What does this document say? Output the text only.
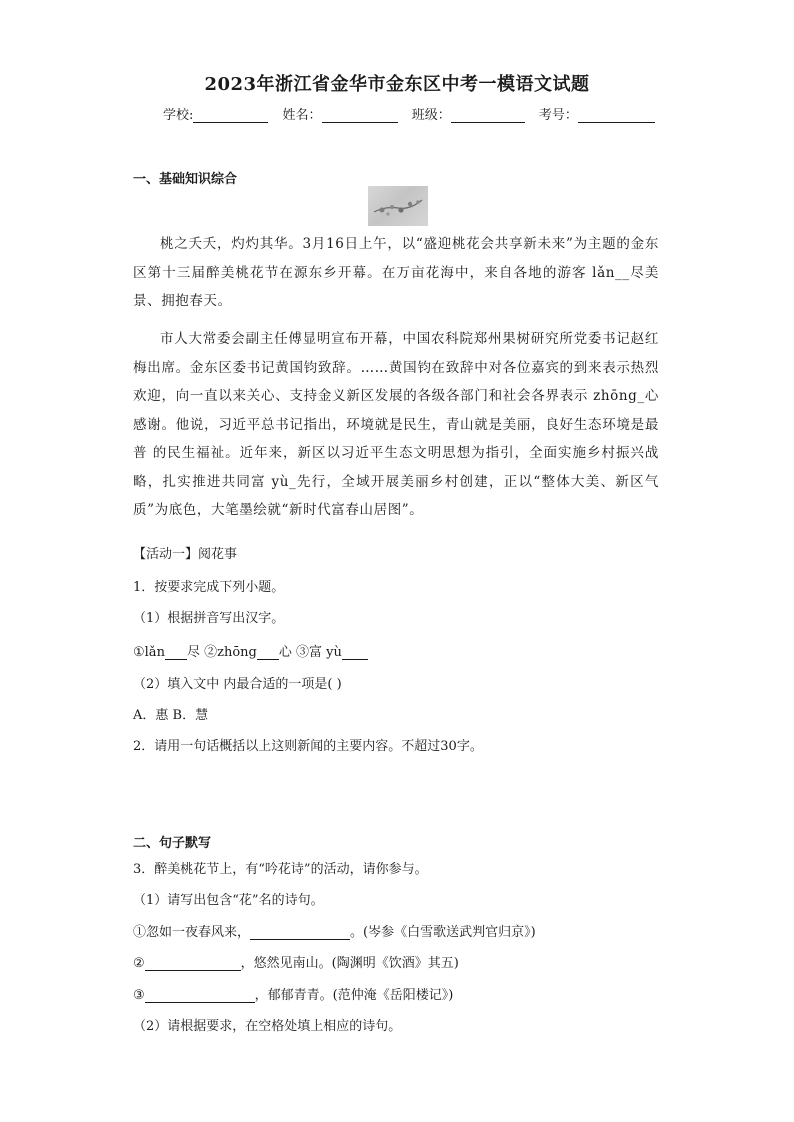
2023年浙江省金华市金东区中考一模语文试题
学校:	姓名：	班级：	考号：
一、基础知识综合
桃之夭夭，灼灼其华。3月16日上午，以“盛迎桃花会共享新未来”为主题的金东区第十三届醉美桃花节在源东乡开幕。在万亩花海中，来自各地的游客 lǎn__尽美景、拥抱春天。
市人大常委会副主任傅显明宣布开幕，中国农科院郑州果树研究所党委书记赵红梅出席。金东区委书记黄国钧致辞。……黄国钧在致辞中对各位嘉宾的到来表示热烈欢迎，向一直以来关心、支持金义新区发展的各级各部门和社会各界表示 zhōng_心感谢。他说，习近平总书记指出，环境就是民生，青山就是美丽，良好生态环境是最普 的民生福祉。近年来，新区以习近平生态文明思想为指引，全面实施乡村振兴战略，扎实推进共同富 yù_先行，全域开展美丽乡村创建，正以“整体大美、新区气质”为底色，大笔墨绘就“新时代富春山居图”。
【活动一】阅花事
1．按要求完成下列小题。
（1）根据拼音写出汉字。
①lǎn 尽 ②zhōng 心 ③富 yù
（2）填入文中 内最合适的一项是( )
A．惠 B．慧
2．请用一句话概括以上这则新闻的主要内容。不超过30字。
二、句子默写
3．醉美桃花节上，有“吟花诗”的活动，请你参与。
（1）请写出包含“花”名的诗句。
①忽如一夜春风来，	。(岑参《白雪歌送武判官归京》)
②	，悠然见南山。(陶渊明《饮酒》其五)
③	，郁郁青青。(范仲淹《岳阳楼记》)
（2）请根据要求，在空格处填上相应的诗句。
